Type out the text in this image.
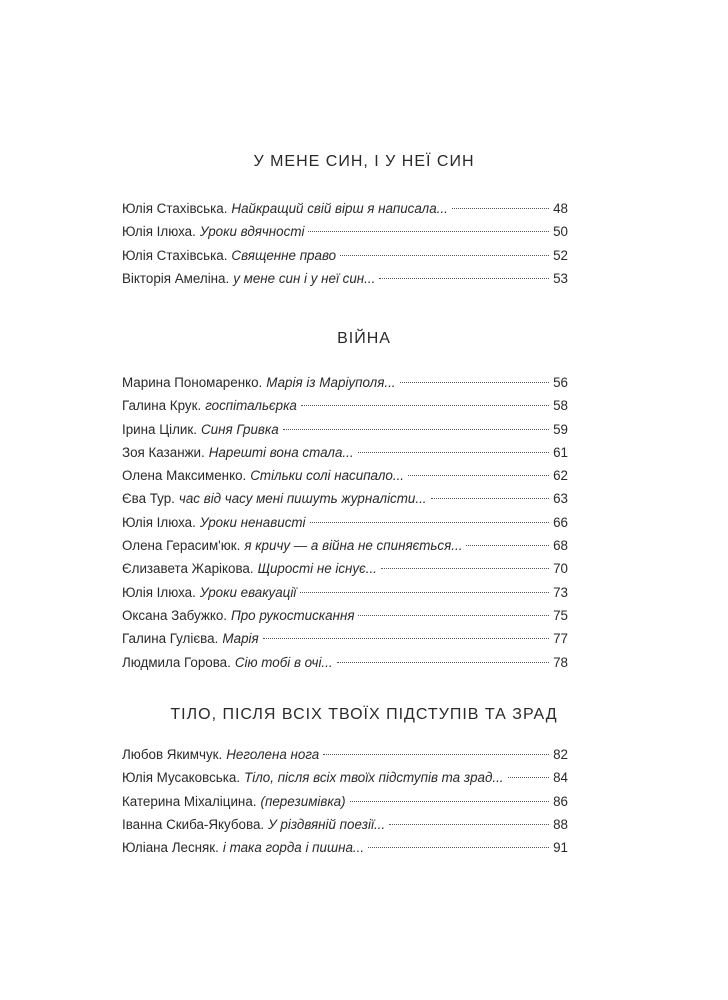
У МЕНЕ СИН, І У НЕЇ СИН
Юлія Стахівська. Найкращий свій вірш я написала...	48
Юлія Ілюха. Уроки вдячності	50
Юлія Стахівська. Священне право	52
Вікторія Амеліна. у мене син і у неї син...	53
ВІЙНА
Марина Пономаренко. Марія із Маріуполя...	56
Галина Крук. госпітальєрка	58
Ірина Цілик. Синя Гривка	59
Зоя Казанжи. Нарешті вона стала...	61
Олена Максименко. Стільки солі насипало...	62
Єва Тур. час від часу мені пишуть журналісти...	63
Юлія Ілюха. Уроки ненависті	66
Олена Герасим'юк. я кричу — а війна не спиняється...	68
Єлизавета Жарікова. Щирості не існує...	70
Юлія Ілюха. Уроки евакуації	73
Оксана Забужко. Про рукостискання	75
Галина Гулієва. Марія	77
Людмила Горова. Сію тобі в очі...	78
ТІЛО, ПІСЛЯ ВСІХ ТВОЇХ ПІДСТУПІВ ТА ЗРАД
Любов Якимчук. Неголена нога	82
Юлія Мусаковська. Тіло, після всіх твоїх підступів та зрад...	84
Катерина Міхаліцина. (перезимівка)	86
Іванна Скиба-Якубова. У різдвяній поезії...	88
Юліана Лесняк. і така горда і пишна...	91
